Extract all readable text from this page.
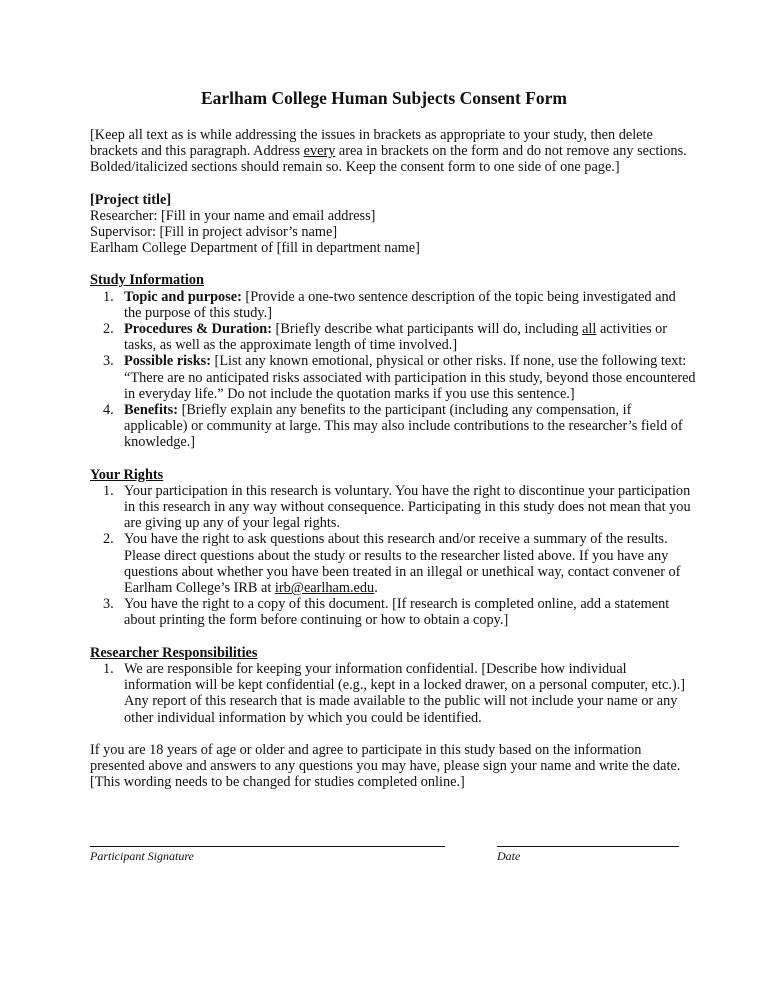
Earlham College Human Subjects Consent Form

[Keep all text as is while addressing the issues in brackets as appropriate to your study, then delete brackets and this paragraph. Address every area in brackets on the form and do not remove any sections. Bolded/italicized sections should remain so. Keep the consent form to one side of one page.]

[Project title]

Researcher: [Fill in your name and email address]

Supervisor: [Fill in project advisor’s name]

Earlham College Department of [fill in department name]

Study Information

1. Topic and purpose: [Provide a one-two sentence description of the topic being investigated and the purpose of this study.]
2. Procedures & Duration: [Briefly describe what participants will do, including all activities or tasks, as well as the approximate length of time involved.]
3. Possible risks: [List any known emotional, physical or other risks. If none, use the following text: “There are no anticipated risks associated with participation in this study, beyond those encountered in everyday life.” Do not include the quotation marks if you use this sentence.]
4. Benefits: [Briefly explain any benefits to the participant (including any compensation, if applicable) or community at large. This may also include contributions to the researcher’s field of knowledge.]

Your Rights

1. Your participation in this research is voluntary. You have the right to discontinue your participation in this research in any way without consequence. Participating in this study does not mean that you are giving up any of your legal rights.
2. You have the right to ask questions about this research and/or receive a summary of the results. Please direct questions about the study or results to the researcher listed above. If you have any questions about whether you have been treated in an illegal or unethical way, contact convener of Earlham College’s IRB at irb@earlham.edu.
3. You have the right to a copy of this document. [If research is completed online, add a statement about printing the form before continuing or how to obtain a copy.]

Researcher Responsibilities

1. We are responsible for keeping your information confidential. [Describe how individual information will be kept confidential (e.g., kept in a locked drawer, on a personal computer, etc.).] Any report of this research that is made available to the public will not include your name or any other individual information by which you could be identified.

If you are 18 years of age or older and agree to participate in this study based on the information presented above and answers to any questions you may have, please sign your name and write the date. [This wording needs to be changed for studies completed online.]

Participant Signature	Date
